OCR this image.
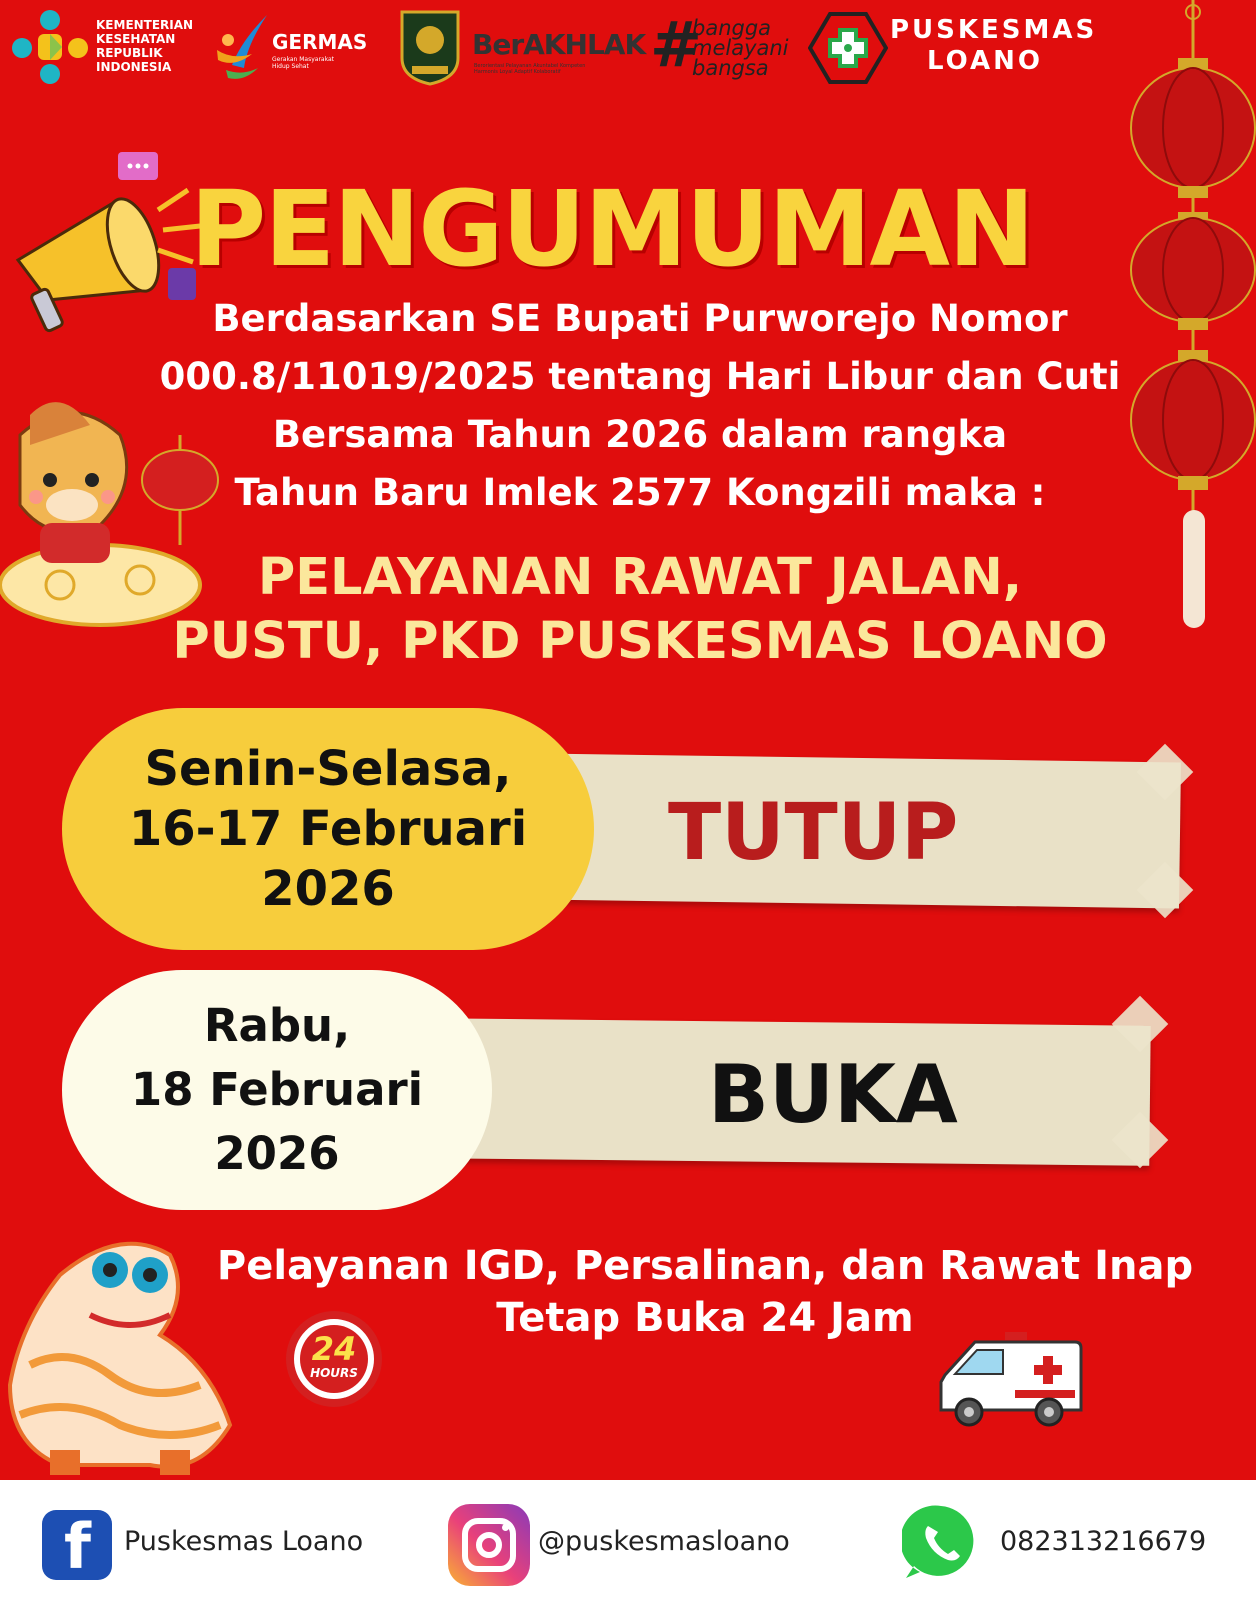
KEMENTERIAN
KESEHATAN
REPUBLIK
INDONESIA
GERMAS
Gerakan Masyarakat
Hidup Sehat
BerAKHLAK
Berorientasi Pelayanan Akuntabel Kompeten
Harmonis Loyal Adaptif Kolaboratif	#
bangga
melayani
bangsa
PUSKESMAS
LOANO
PENGUMUMAN
Berdasarkan SE Bupati Purworejo Nomor
000.8/11019/2025 tentang Hari Libur dan Cuti
Bersama Tahun 2026 dalam rangka
Tahun Baru Imlek 2577 Kongzili maka :
PELAYANAN RAWAT JALAN,
PUSTU, PKD PUSKESMAS LOANO
Senin-Selasa,
16-17 Februari 2026
TUTUP
Rabu,
18 Februari 2026
BUKA
24
HOURS
Pelayanan IGD, Persalinan, dan Rawat Inap
Tetap Buka 24 Jam
f Puskesmas Loano	@puskesmasloano	082313216679
